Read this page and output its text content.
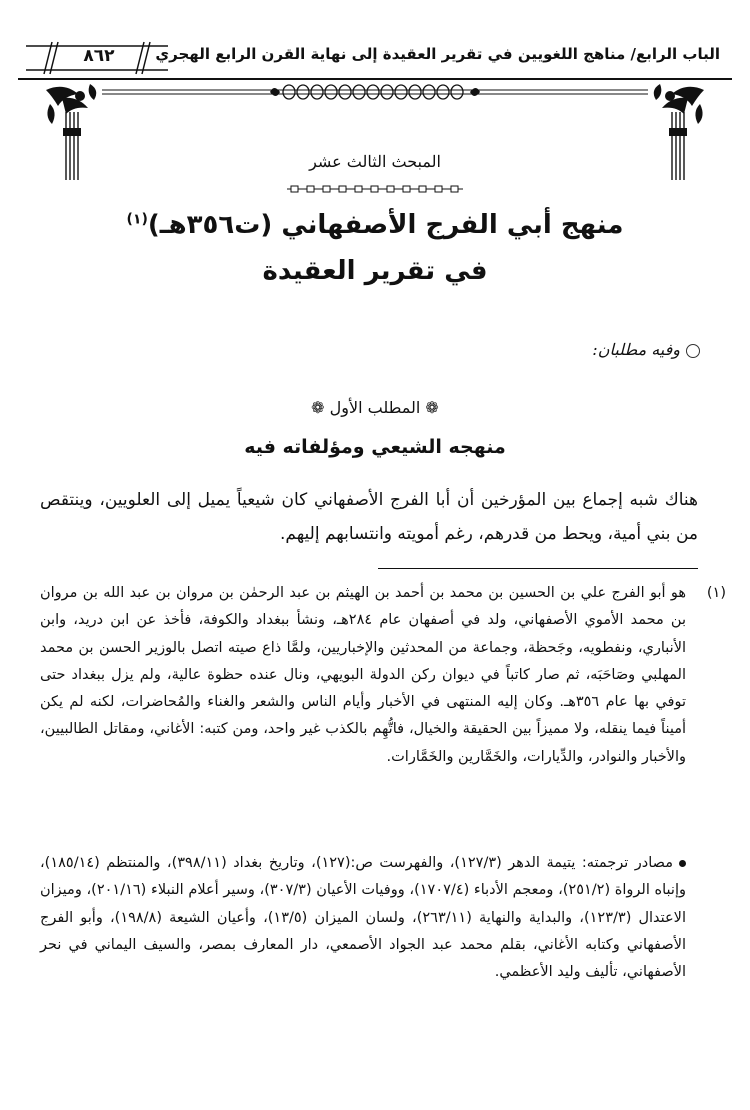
الباب الرابع/ مناهج اللغويين في تقرير العقيدة إلى نهاية القرن الرابع الهجري
٨٦٢
المبحث الثالث عشر
منهج أبي الفرج الأصفهاني (ت٣٥٦هـ)$^{(١)}$
في تقرير العقيدة
وفيه مطلبان:
❁ المطلب الأول ❁
منهجه الشيعي ومؤلفاته فيه
هناك شبه إجماع بين المؤرخين أن أبا الفرج الأصفهاني كان شيعياً يميل إلى العلويين، وينتقص من بني أمية، ويحط من قدرهم، رغم أمويته وانتسابهم إليهم.
(١)
هو أبو الفرج علي بن الحسين بن محمد بن أحمد بن الهيثم بن عبد الرحمٰن بن مروان بن عبد الله بن مروان بن محمد الأموي الأصفهاني، ولد في أصفهان عام ٢٨٤هـ، ونشأ ببغداد والكوفة، فأخذ عن ابن دريد، وابن الأنباري، ونفطويه، وجَحظة، وجماعة من المحدثين والإخباريين، ولمَّا ذاع صيته اتصل بالوزير الحسن بن محمد المهلبي وصَاحَبَه، ثم صار كاتباً في ديوان ركن الدولة البويهي، ونال عنده حظوة عالية، ولم يزل ببغداد حتى توفي بها عام ٣٥٦هـ. وكان إليه المنتهى في الأخبار وأيام الناس والشعر والغناء والمُحاضرات، لكنه لم يكن أميناً فيما ينقله، ولا مميزاً بين الحقيقة والخيال، فاتُّهِم بالكذب غير واحد، ومن كتبه: الأغاني، ومقاتل الطالبيين، والأخبار والنوادر، والدِّيارات، والخَمَّارين والخَمَّارات.
مصادر ترجمته: يتيمة الدهر (١٢٧/٣)، والفهرست ص:(١٢٧)، وتاريخ بغداد (٣٩٨/١١)، والمنتظم (١٨٥/١٤)، وإنباه الرواة (٢٥١/٢)، ومعجم الأدباء (١٧٠٧/٤)، ووفيات الأعيان (٣٠٧/٣)، وسير أعلام النبلاء (٢٠١/١٦)، وميزان الاعتدال (١٢٣/٣)، والبداية والنهاية (٢٦٣/١١)، ولسان الميزان (١٣/٥)، وأعيان الشيعة (١٩٨/٨)، وأبو الفرج الأصفهاني وكتابه الأغاني، بقلم محمد عبد الجواد الأصمعي، دار المعارف بمصر، والسيف اليماني في نحر الأصفهاني، تأليف وليد الأعظمي.
